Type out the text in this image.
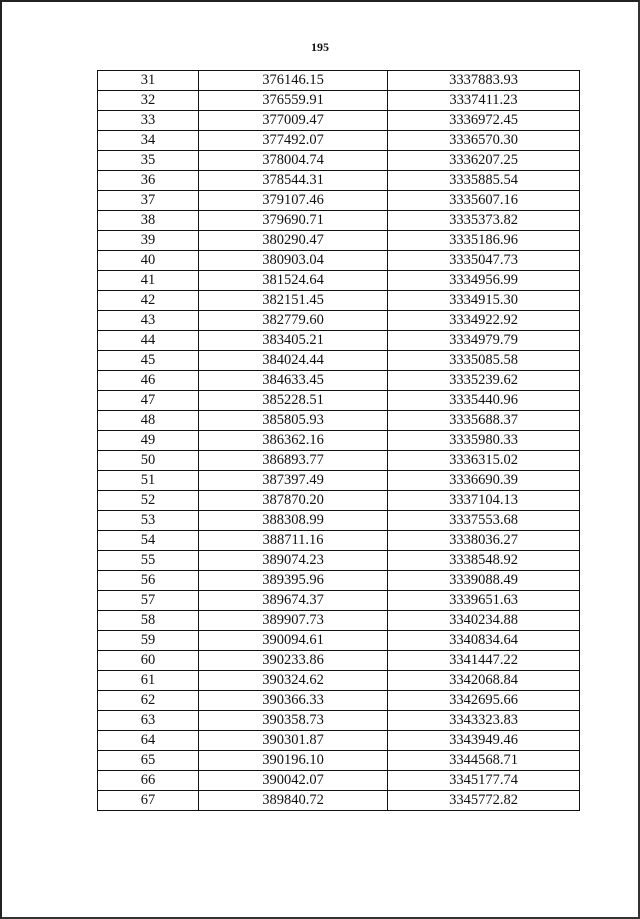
195
31	376146.15	3337883.93
32	376559.91	3337411.23
33	377009.47	3336972.45
34	377492.07	3336570.30
35	378004.74	3336207.25
36	378544.31	3335885.54
37	379107.46	3335607.16
38	379690.71	3335373.82
39	380290.47	3335186.96
40	380903.04	3335047.73
41	381524.64	3334956.99
42	382151.45	3334915.30
43	382779.60	3334922.92
44	383405.21	3334979.79
45	384024.44	3335085.58
46	384633.45	3335239.62
47	385228.51	3335440.96
48	385805.93	3335688.37
49	386362.16	3335980.33
50	386893.77	3336315.02
51	387397.49	3336690.39
52	387870.20	3337104.13
53	388308.99	3337553.68
54	388711.16	3338036.27
55	389074.23	3338548.92
56	389395.96	3339088.49
57	389674.37	3339651.63
58	389907.73	3340234.88
59	390094.61	3340834.64
60	390233.86	3341447.22
61	390324.62	3342068.84
62	390366.33	3342695.66
63	390358.73	3343323.83
64	390301.87	3343949.46
65	390196.10	3344568.71
66	390042.07	3345177.74
67	389840.72	3345772.82
